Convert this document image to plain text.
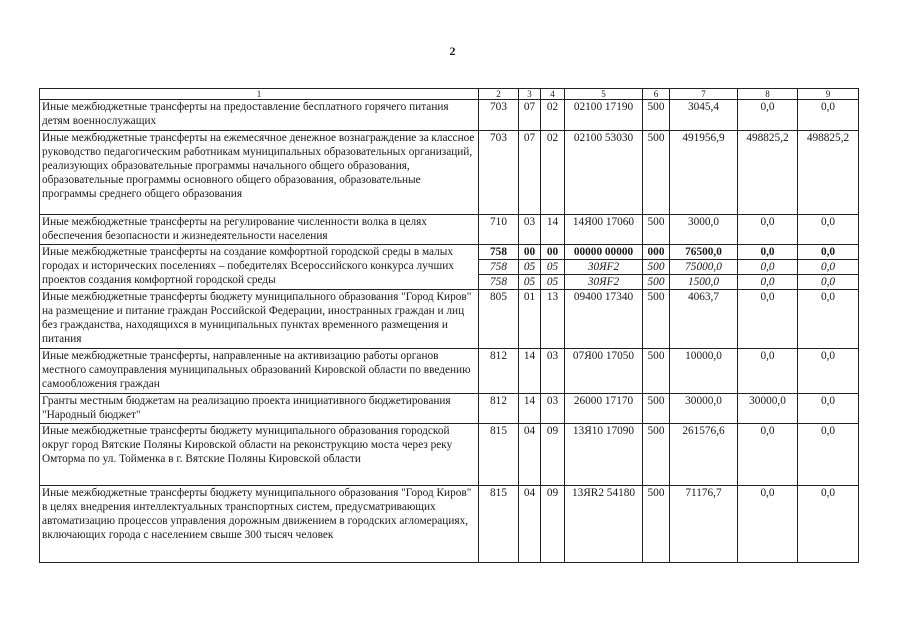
2
1	2	3	4	5	6	7	8	9
Иные межбюджетные трансферты на предоставление бесплатного горячего питания детям военнослужащих	703	07	02	02100 17190	500	3045,4	0,0	0,0
Иные межбюджетные трансферты на ежемесячное денежное вознаграждение за классное руководство педагогическим работникам муниципальных образовательных организаций, реализующих образовательные программы начального общего образования, образовательные программы основного общего образования, образовательные программы среднего общего образования	703	07	02	02100 53030	500	491956,9	498825,2	498825,2
Иные межбюджетные трансферты на регулирование численности волка в целях обеспечения безопасности и жизнедеятельности населения	710	03	14	14Я00 17060	500	3000,0	0,0	0,0
Иные межбюджетные трансферты на создание комфортной городской среды в малых городах и исторических поселениях – победителях Всероссийского конкурса лучших проектов создания комфортной городской среды	758	00	00	00000 00000	000	76500,0	0,0	0,0
	758	05	05	30ЯF2	500	75000,0	0,0	0,0
	758	05	05	30ЯF2	500	1500,0	0,0	0,0
Иные межбюджетные трансферты бюджету муниципального образования "Город Киров" на размещение и питание граждан Российской Федерации, иностранных граждан и лиц без гражданства, находящихся в муниципальных пунктах временного размещения и питания	805	01	13	09400 17340	500	4063,7	0,0	0,0
Иные межбюджетные трансферты, направленные на активизацию работы органов местного самоуправления муниципальных образований Кировской области по введению самообложения граждан	812	14	03	07Я00 17050	500	10000,0	0,0	0,0
Гранты местным бюджетам на реализацию проекта инициативного бюджетирования "Народный бюджет"	812	14	03	26000 17170	500	30000,0	30000,0	0,0
Иные межбюджетные трансферты бюджету муниципального образования городской округ город Вятские Поляны Кировской области на реконструкцию моста через реку Омторма по ул. Тойменка в г. Вятские Поляны Кировской области	815	04	09	13Я10 17090	500	261576,6	0,0	0,0
Иные межбюджетные трансферты бюджету муниципального образования "Город Киров" в целях внедрения интеллектуальных транспортных систем, предусматривающих автоматизацию процессов управления дорожным движением в городских агломерациях, включающих города с населением свыше 300 тысяч человек	815	04	09	13ЯR2 54180	500	71176,7	0,0	0,0
